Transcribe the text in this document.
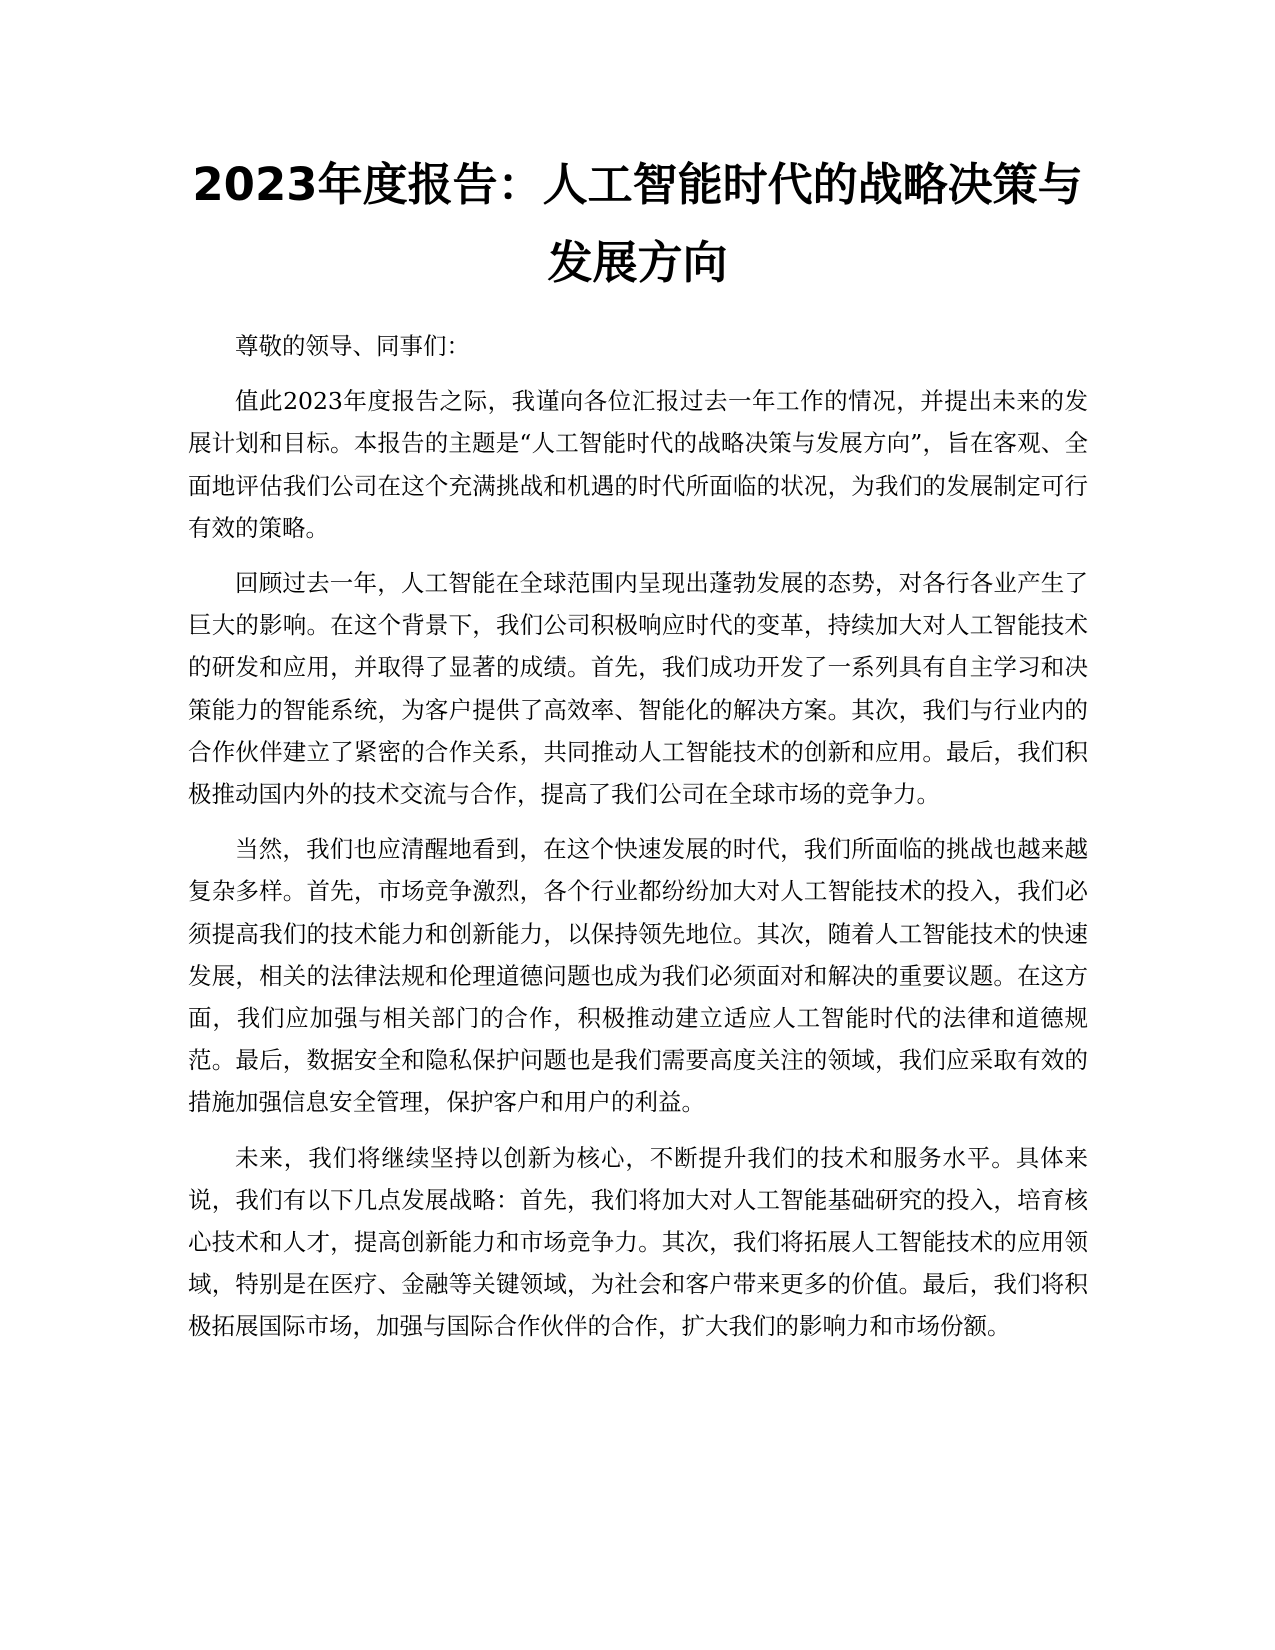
2023年度报告：人工智能时代的战略决策与
发展方向

尊敬的领导、同事们：

值此2023年度报告之际，我谨向各位汇报过去一年工作的情况，并提出未来的发展计划和目标。本报告的主题是“人工智能时代的战略决策与发展方向”，旨在客观、全面地评估我们公司在这个充满挑战和机遇的时代所面临的状况，为我们的发展制定可行有效的策略。

回顾过去一年，人工智能在全球范围内呈现出蓬勃发展的态势，对各行各业产生了巨大的影响。在这个背景下，我们公司积极响应时代的变革，持续加大对人工智能技术的研发和应用，并取得了显著的成绩。首先，我们成功开发了一系列具有自主学习和决策能力的智能系统，为客户提供了高效率、智能化的解决方案。其次，我们与行业内的合作伙伴建立了紧密的合作关系，共同推动人工智能技术的创新和应用。最后，我们积极推动国内外的技术交流与合作，提高了我们公司在全球市场的竞争力。

当然，我们也应清醒地看到，在这个快速发展的时代，我们所面临的挑战也越来越复杂多样。首先，市场竞争激烈，各个行业都纷纷加大对人工智能技术的投入，我们必须提高我们的技术能力和创新能力，以保持领先地位。其次，随着人工智能技术的快速发展，相关的法律法规和伦理道德问题也成为我们必须面对和解决的重要议题。在这方面，我们应加强与相关部门的合作，积极推动建立适应人工智能时代的法律和道德规范。最后，数据安全和隐私保护问题也是我们需要高度关注的领域，我们应采取有效的措施加强信息安全管理，保护客户和用户的利益。

未来，我们将继续坚持以创新为核心，不断提升我们的技术和服务水平。具体来说，我们有以下几点发展战略：首先，我们将加大对人工智能基础研究的投入，培育核心技术和人才，提高创新能力和市场竞争力。其次，我们将拓展人工智能技术的应用领域，特别是在医疗、金融等关键领域，为社会和客户带来更多的价值。最后，我们将积极拓展国际市场，加强与国际合作伙伴的合作，扩大我们的影响力和市场份额。
